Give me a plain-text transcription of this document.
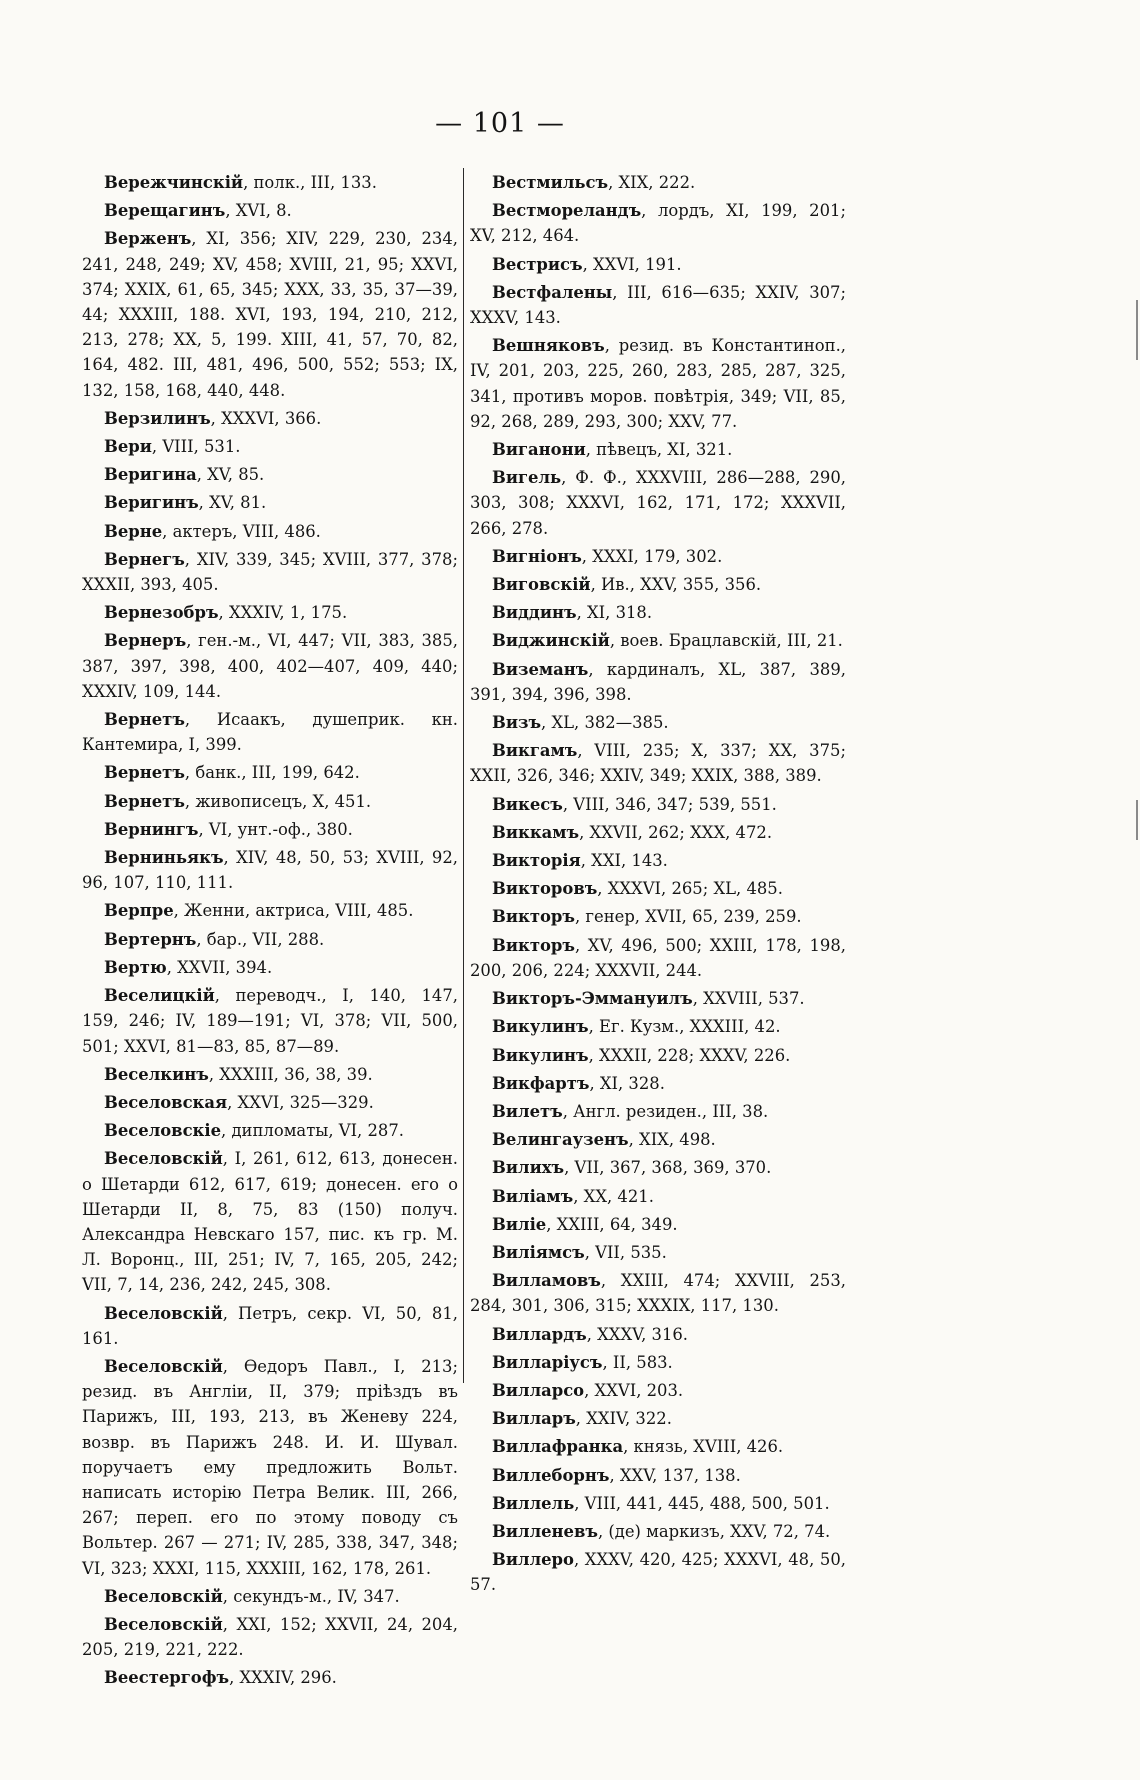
— 101 —

Вережчинскій, полк., III, 133.

Верещагинъ, XVI, 8.

Верженъ, XI, 356; XIV, 229, 230, 234, 241, 248, 249; XV, 458; XVIII, 21, 95; XXVI, 374; XXIX, 61, 65, 345; XXX, 33, 35, 37—39, 44; XXXIII, 188. XVI, 193, 194, 210, 212, 213, 278; XX, 5, 199. XIII, 41, 57, 70, 82, 164, 482. III, 481, 496, 500, 552; 553; IX, 132, 158, 168, 440, 448.

Верзилинъ, XXXVI, 366.

Вери, VIII, 531.

Веригина, XV, 85.

Веригинъ, XV, 81.

Верне, актеръ, VIII, 486.

Вернегъ, XIV, 339, 345; XVIII, 377, 378; XXXII, 393, 405.

Вернезобръ, XXXIV, 1, 175.

Вернеръ, ген.-м., VI, 447; VII, 383, 385, 387, 397, 398, 400, 402—407, 409, 440; XXXIV, 109, 144.

Вернетъ, Исаакъ, душеприк. кн. Кантемира, I, 399.

Вернетъ, банк., III, 199, 642.

Вернетъ, живописецъ, X, 451.

Вернингъ, VI, унт.-оф., 380.

Верниньякъ, XIV, 48, 50, 53; XVIII, 92, 96, 107, 110, 111.

Верпре, Женни, актриса, VIII, 485.

Вертернъ, бар., VII, 288.

Вертю, XXVII, 394.

Веселицкій, переводч., I, 140, 147, 159, 246; IV, 189—191; VI, 378; VII, 500, 501; XXVI, 81—83, 85, 87—89.

Веселкинъ, XXXIII, 36, 38, 39.

Веселовская, XXVI, 325—329.

Веселовскіе, дипломаты, VI, 287.

Веселовскій, I, 261, 612, 613, донесен. о Шетарди 612, 617, 619; донесен. его о Шетарди II, 8, 75, 83 (150) получ. Александра Невскаго 157, пис. къ гр. М. Л. Воронц., III, 251; IV, 7, 165, 205, 242; VII, 7, 14, 236, 242, 245, 308.

Веселовскій, Петръ, секр. VI, 50, 81, 161.

Веселовскій, Өедоръ Павл., I, 213; резид. въ Англіи, II, 379; пріѣздъ въ Парижъ, III, 193, 213, въ Женеву 224, возвр. въ Парижъ 248. И. И. Шувал. поручаетъ ему предложить Вольт. написать исторію Петра Велик. III, 266, 267; перeп. его по этому поводу съ Вольтер. 267 — 271; IV, 285, 338, 347, 348; VI, 323; XXXI, 115, XXXIII, 162, 178, 261.

Веселовскій, секундъ-м., IV, 347.

Веселовскій, XXI, 152; XXVII, 24, 204, 205, 219, 221, 222.

Веестергофъ, XXXIV, 296.

Вестмильсъ, XIX, 222.

Вестмореландъ, лордъ, XI, 199, 201; XV, 212, 464.

Вестрисъ, XXVI, 191.

Вестфалены, III, 616—635; XXIV, 307; XXXV, 143.

Вешняковъ, резид. въ Константиноп., IV, 201, 203, 225, 260, 283, 285, 287, 325, 341, противъ моров. повѣтрія, 349; VII, 85, 92, 268, 289, 293, 300; XXV, 77.

Виганони, пѣвецъ, XI, 321.

Вигель, Ф. Ф., XXXVIII, 286—288, 290, 303, 308; XXXVI, 162, 171, 172; XXXVII, 266, 278.

Вигніонъ, XXXI, 179, 302.

Виговскій, Ив., XXV, 355, 356.

Виддинъ, XI, 318.

Виджинскій, воев. Брацлавскій, III, 21.

Виземанъ, кардиналъ, XL, 387, 389, 391, 394, 396, 398.

Визъ, XL, 382—385.

Викгамъ, VIII, 235; X, 337; XX, 375; XXII, 326, 346; XXIV, 349; XXIX, 388, 389.

Викесъ, VIII, 346, 347; 539, 551.

Виккамъ, XXVII, 262; XXX, 472.

Викторія, XXI, 143.

Викторовъ, XXXVI, 265; XL, 485.

Викторъ, генер, XVII, 65, 239, 259.

Викторъ, XV, 496, 500; XXIII, 178, 198, 200, 206, 224; XXXVII, 244.

Викторъ-Эммануилъ, XXVIII, 537.

Викулинъ, Ег. Кузм., XXXIII, 42.

Викулинъ, XXXII, 228; XXXV, 226.

Викфартъ, XI, 328.

Вилетъ, Англ. резиден., III, 38.

Велингаузенъ, XIX, 498.

Вилихъ, VII, 367, 368, 369, 370.

Виліамъ, XX, 421.

Виліе, XXIII, 64, 349.

Виліямсъ, VII, 535.

Вилламовъ, XXIII, 474; XXVIII, 253, 284, 301, 306, 315; XXXIX, 117, 130.

Виллардъ, XXXV, 316.

Вилларіусъ, II, 583.

Вилларсо, XXVI, 203.

Вилларъ, XXIV, 322.

Виллафранка, князь, XVIII, 426.

Виллеборнъ, XXV, 137, 138.

Виллель, VIII, 441, 445, 488, 500, 501.

Вилленевъ, (де) маркизъ, XXV, 72, 74.

Виллеро, XXXV, 420, 425; XXXVI, 48, 50, 57.
